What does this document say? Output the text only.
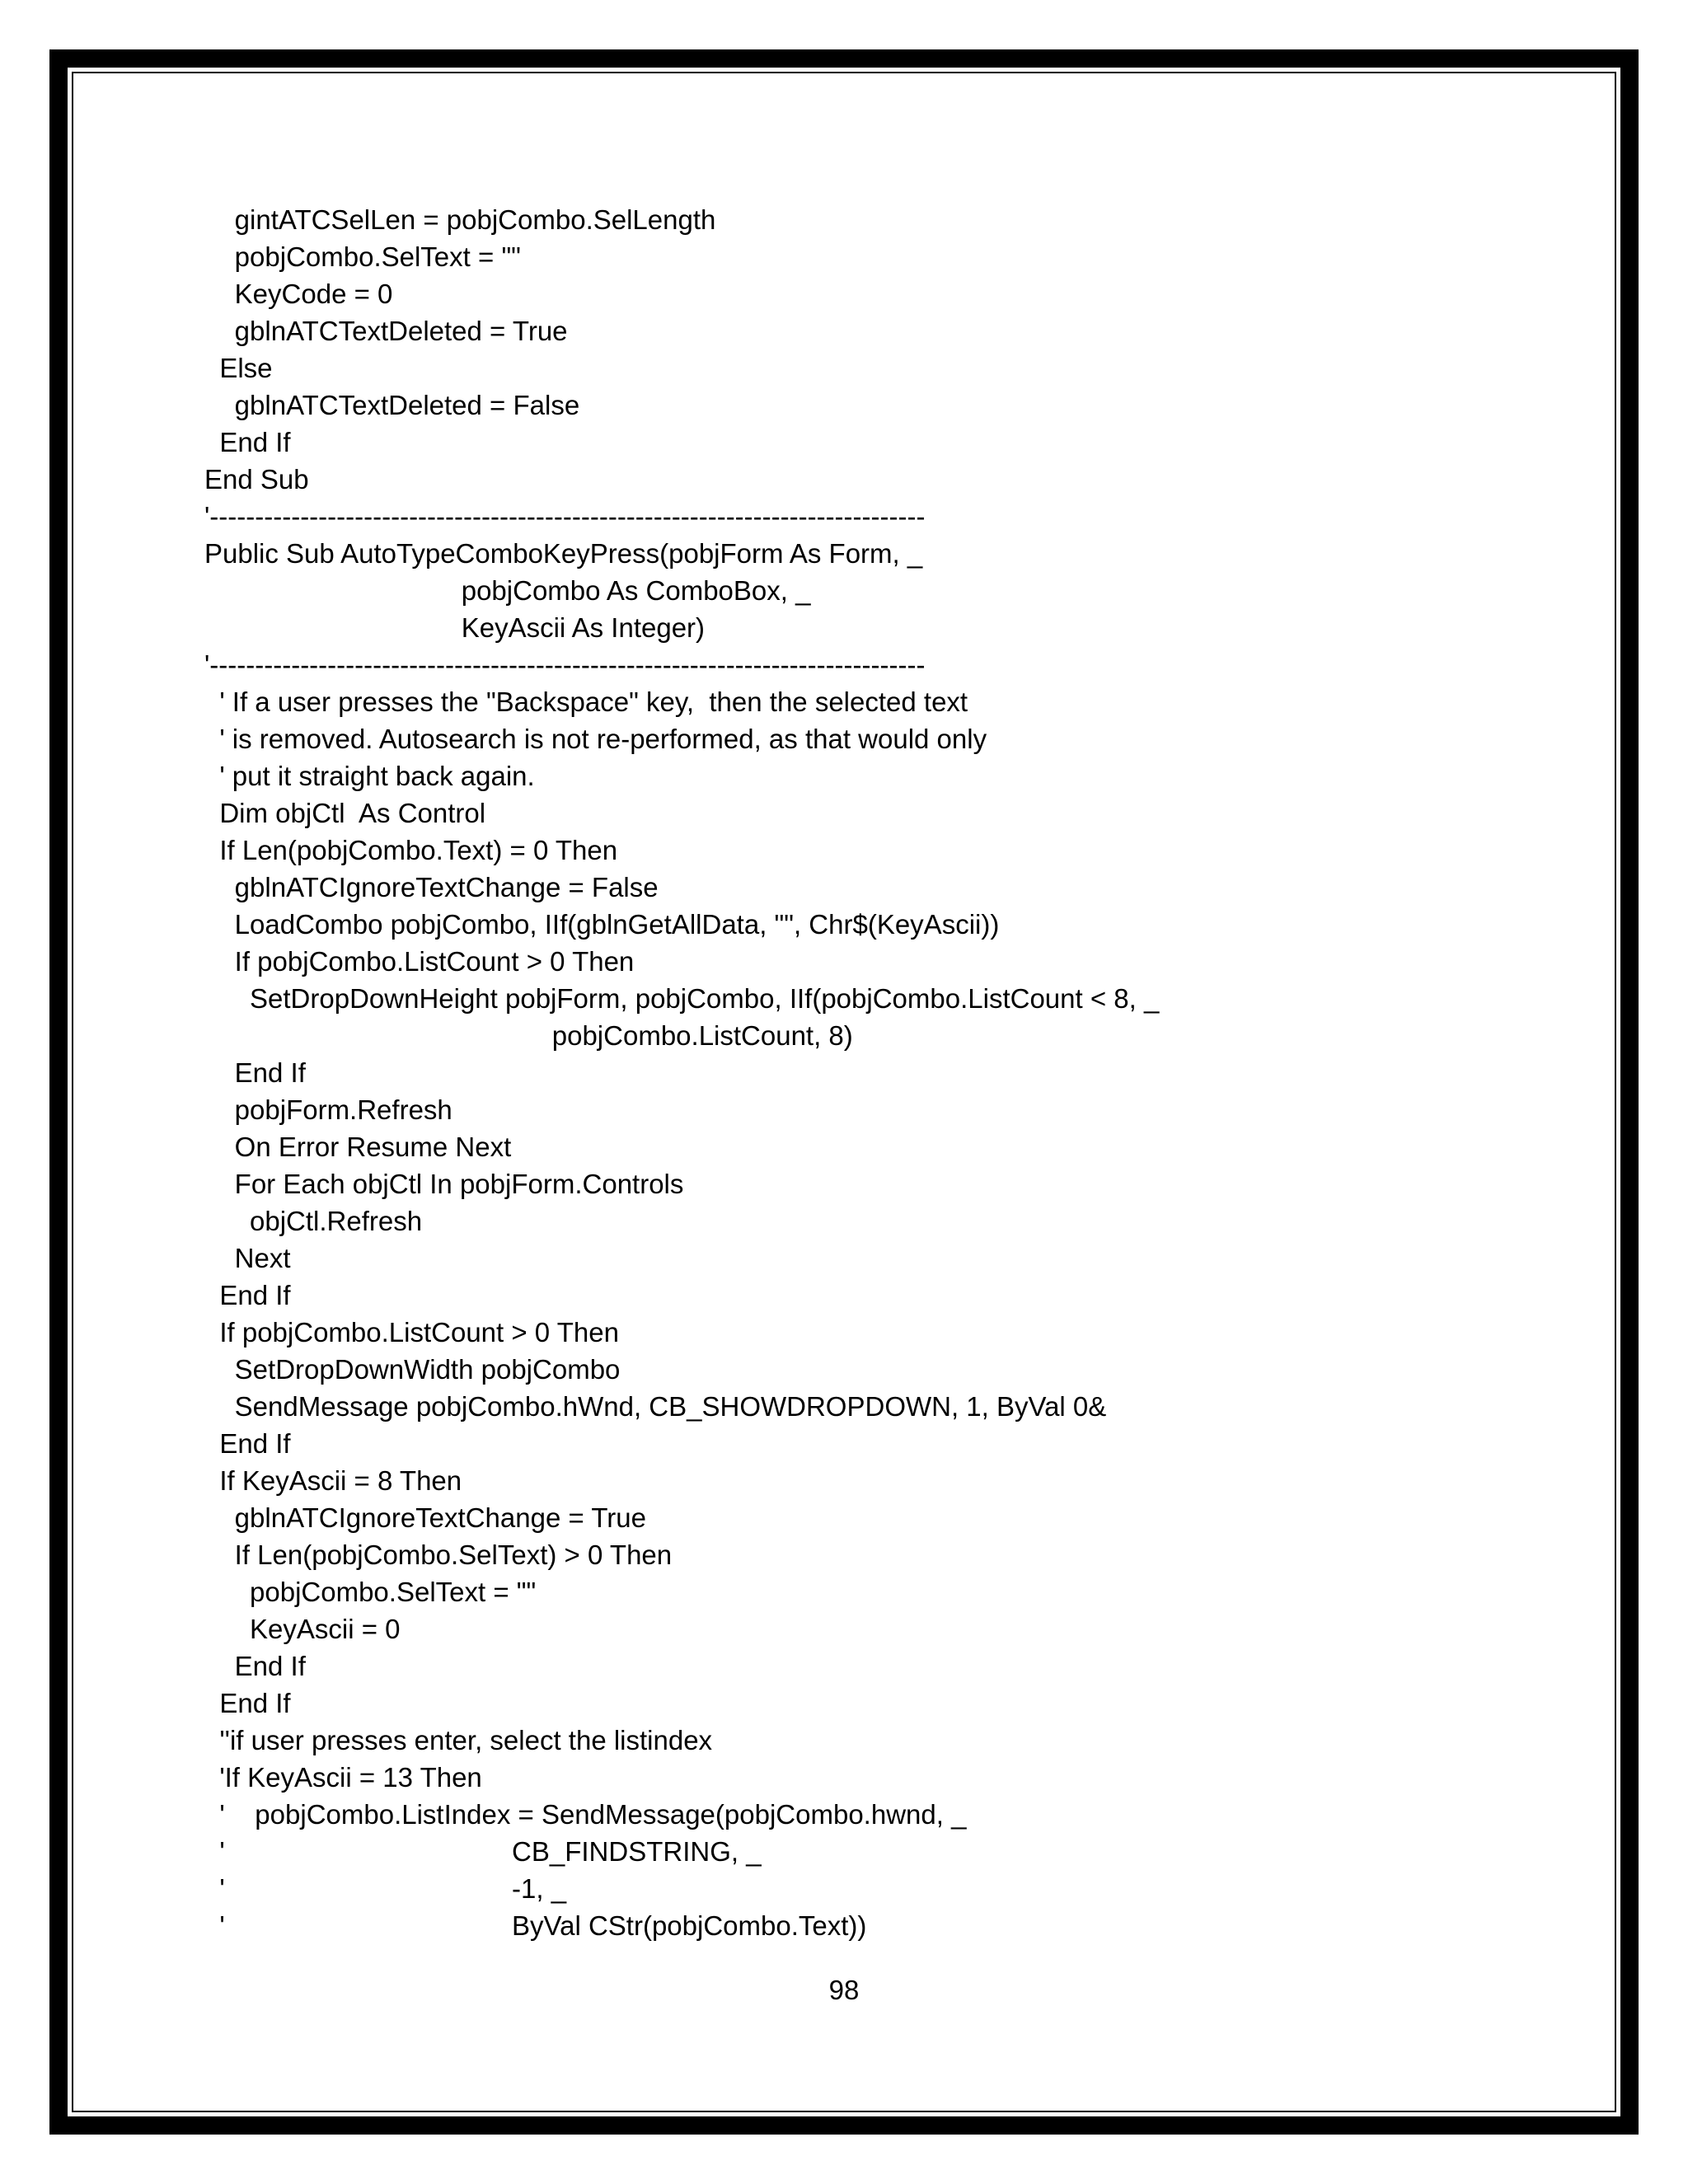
gintATCSelLen = pobjCombo.SelLength
pobjCombo.SelText = ""
KeyCode = 0
gblnATCTextDeleted = True
Else
gblnATCTextDeleted = False
End If
End Sub
'-------------------------------------------------------------------------------
Public Sub AutoTypeComboKeyPress(pobjForm As Form, _
pobjCombo As ComboBox, _
KeyAscii As Integer)
'-------------------------------------------------------------------------------
' If a user presses the "Backspace" key,  then the selected text
' is removed. Autosearch is not re-performed, as that would only
' put it straight back again.
Dim objCtl  As Control
If Len(pobjCombo.Text) = 0 Then
gblnATCIgnoreTextChange = False
LoadCombo pobjCombo, IIf(gblnGetAllData, "", Chr$(KeyAscii))
If pobjCombo.ListCount > 0 Then
SetDropDownHeight pobjForm, pobjCombo, IIf(pobjCombo.ListCount < 8, _
pobjCombo.ListCount, 8)
End If
pobjForm.Refresh
On Error Resume Next
For Each objCtl In pobjForm.Controls
objCtl.Refresh
Next
End If
If pobjCombo.ListCount > 0 Then
SetDropDownWidth pobjCombo
SendMessage pobjCombo.hWnd, CB_SHOWDROPDOWN, 1, ByVal 0&
End If
If KeyAscii = 8 Then
gblnATCIgnoreTextChange = True
If Len(pobjCombo.SelText) > 0 Then
pobjCombo.SelText = ""
KeyAscii = 0
End If
End If
''if user presses enter, select the listindex
'If KeyAscii = 13 Then
'    pobjCombo.ListIndex = SendMessage(pobjCombo.hwnd, _
'                                      CB_FINDSTRING, _
'                                      -1, _
'                                      ByVal CStr(pobjCombo.Text))
98
